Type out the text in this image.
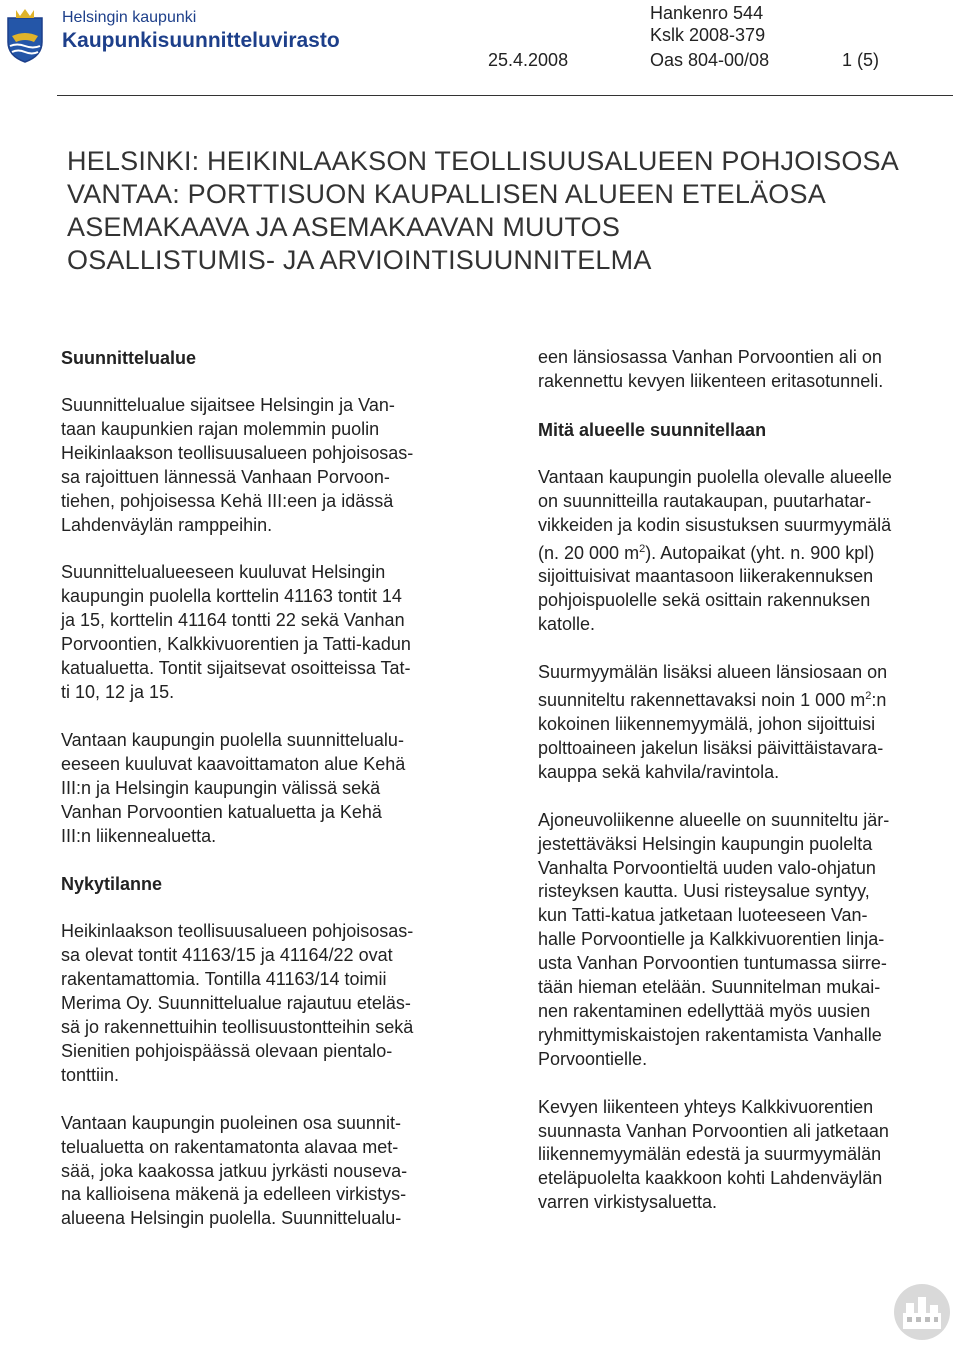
Helsingin kaupunki
Kaupunkisuunnitteluvirasto
Hankenro 544
Kslk 2008-379
25.4.2008	Oas 804-00/08	1 (5)
HELSINKI: HEIKINLAAKSON TEOLLISUUSALUEEN POHJOISOSA
VANTAA: PORTTISUON KAUPALLISEN ALUEEN ETELÄOSA
ASEMAKAAVA JA ASEMAKAAVAN MUUTOS
OSALLISTUMIS- JA ARVIOINTISUUNNITELMA
Suunnittelualue

Suunnittelualue sijaitsee Helsingin ja Van-
taan kaupunkien rajan molemmin puolin
Heikinlaakson teollisuusalueen pohjoisosas-
sa rajoittuen lännessä Vanhaan Porvoon-
tiehen, pohjoisessa Kehä III:een ja idässä
Lahdenväylän ramppeihin.

Suunnittelualueeseen kuuluvat Helsingin
kaupungin puolella korttelin 41163 tontit 14
ja 15, korttelin 41164 tontti 22 sekä Vanhan
Porvoontien, Kalkkivuorentien ja Tatti-kadun
katualuetta. Tontit sijaitsevat osoitteissa Tat-
ti 10, 12 ja 15.

Vantaan kaupungin puolella suunnittelualu-
eeseen kuuluvat kaavoittamaton alue Kehä
III:n ja Helsingin kaupungin välissä sekä
Vanhan Porvoontien katualuetta ja Kehä
III:n liikennealuetta.

Nykytilanne

Heikinlaakson teollisuusalueen pohjoisosas-
sa olevat tontit 41163/15 ja 41164/22 ovat
rakentamattomia. Tontilla 41163/14 toimii
Merima Oy. Suunnittelualue rajautuu eteläs-
sä jo rakennettuihin teollisuustontteihin sekä
Sienitien pohjoispäässä olevaan pientalo-
tonttiin.

Vantaan kaupungin puoleinen osa suunnit-
telualuetta on rakentamatonta alavaa met-
sää, joka kaakossa jatkuu jyrkästi nouseva-
na kallioisena mäkenä ja edelleen virkistys-
alueena Helsingin puolella. Suunnittelualu-

een länsiosassa Vanhan Porvoontien ali on
rakennettu kevyen liikenteen eritasotunneli.

Mitä alueelle suunnitellaan

Vantaan kaupungin puolella olevalle alueelle
on suunnitteilla rautakaupan, puutarhatar-
vikkeiden ja kodin sisustuksen suurmyymälä
(n. 20 000 $m^2$). Autopaikat (yht. n. 900 kpl)
sijoittuisivat maantasoon liikerakennuksen
pohjoispuolelle sekä osittain rakennuksen
katolle.

Suurmyymälän lisäksi alueen länsiosaan on
suunniteltu rakennettavaksi noin 1 000 $m^2:n$
kokoinen liikennemyymälä, johon sijoittuisi
polttoaineen jakelun lisäksi päivittäistavara-
kauppa sekä kahvila/ravintola.

Ajoneuvoliikenne alueelle on suunniteltu jär-
jestettäväksi Helsingin kaupungin puolelta
Vanhalta Porvoontieltä uuden valo-ohjatun
risteyksen kautta. Uusi risteysalue syntyy,
kun Tatti-katua jatketaan luoteeseen Van-
halle Porvoontielle ja Kalkkivuorentien linja-
usta Vanhan Porvoontien tuntumassa siirre-
tään hieman etelään. Suunnitelman mukai-
nen rakentaminen edellyttää myös uusien
ryhmittymiskaistojen rakentamista Vanhalle
Porvoontielle.

Kevyen liikenteen yhteys Kalkkivuorentien
suunnasta Vanhan Porvoontien ali jatketaan
liikennemyymälän edestä ja suurmyymälän
eteläpuolelta kaakkoon kohti Lahdenväylän
varren virkistysaluetta.
